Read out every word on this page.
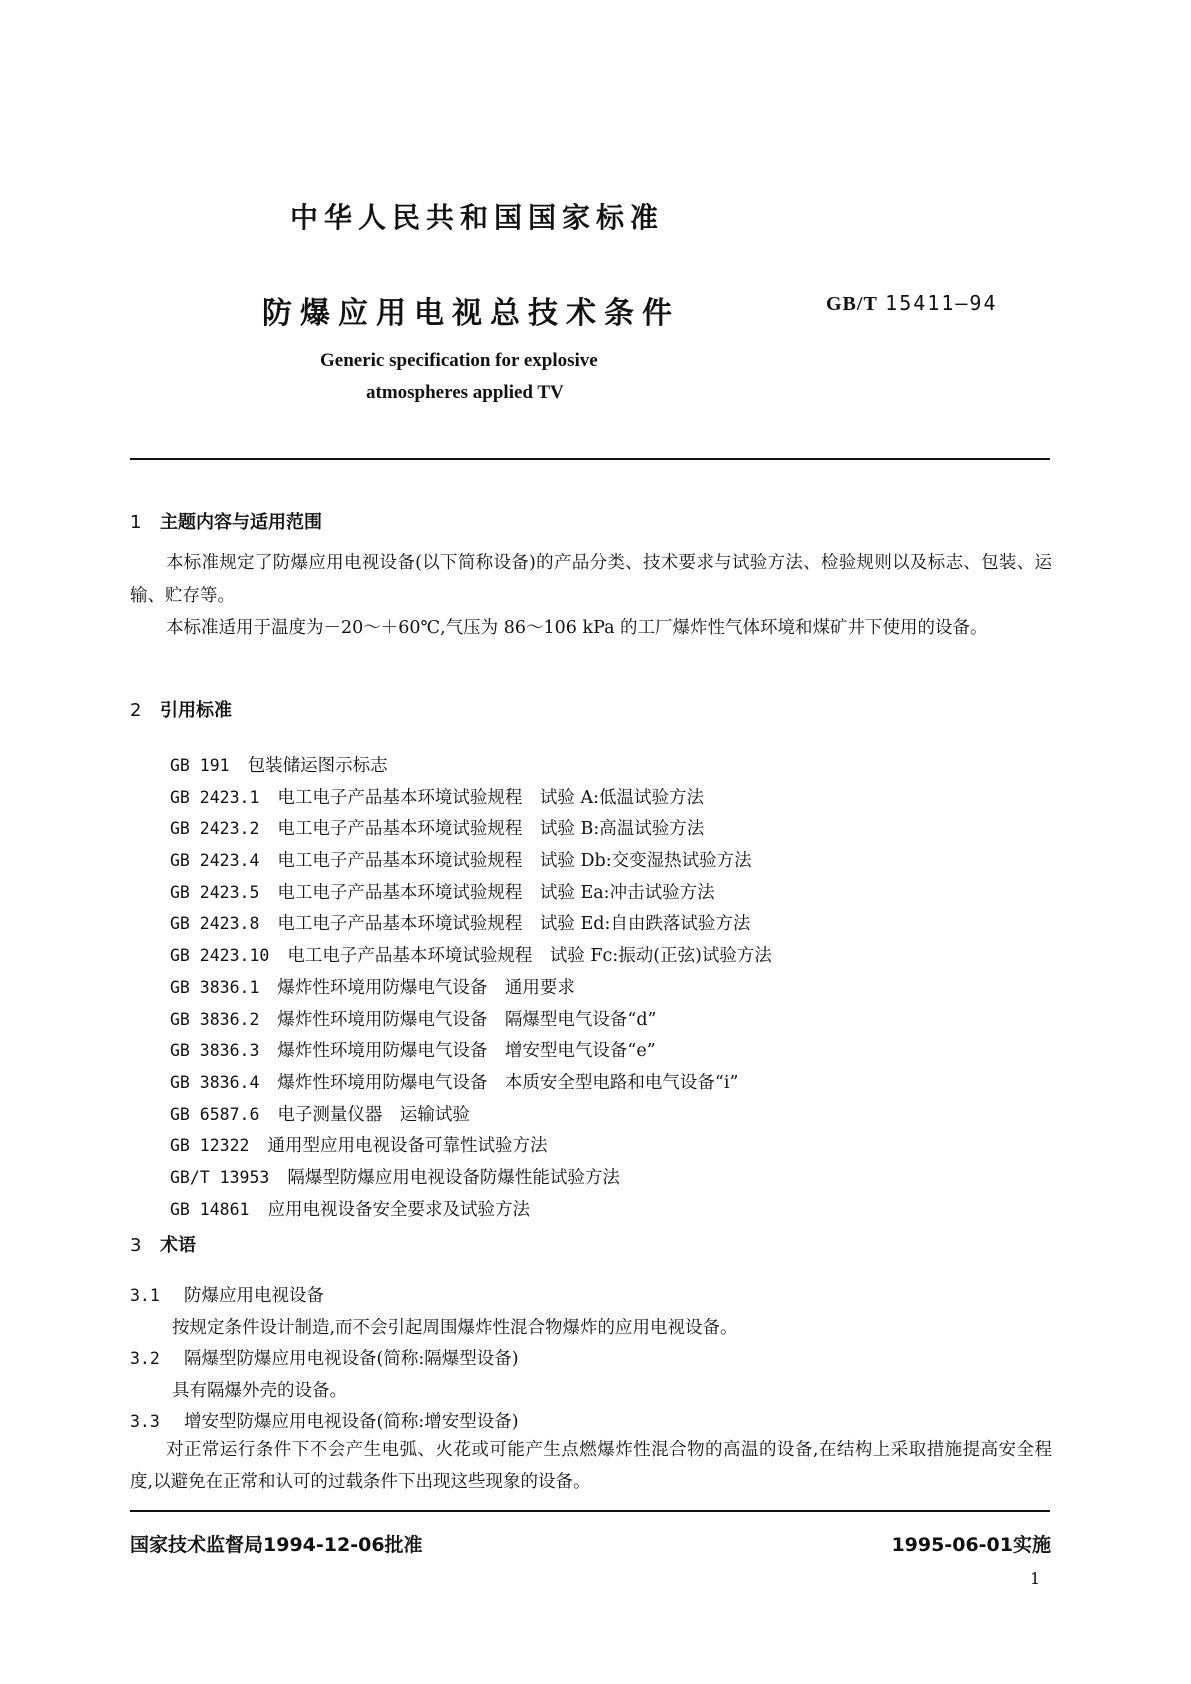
中华人民共和国国家标准
防爆应用电视总技术条件	GB/T 15411—94
Generic specification for explosive
atmospheres applied TV
1 主题内容与适用范围
本标准规定了防爆应用电视设备(以下简称设备)的产品分类、技术要求与试验方法、检验规则以及标志、包装、运输、贮存等。
本标准适用于温度为－20～＋60℃,气压为 86～106 kPa 的工厂爆炸性气体环境和煤矿井下使用的设备。
2 引用标准
GB 191 包装储运图示标志
GB 2423.1 电工电子产品基本环境试验规程　试验 A:低温试验方法
GB 2423.2 电工电子产品基本环境试验规程　试验 B:高温试验方法
GB 2423.4 电工电子产品基本环境试验规程　试验 Db:交变湿热试验方法
GB 2423.5 电工电子产品基本环境试验规程　试验 Ea:冲击试验方法
GB 2423.8 电工电子产品基本环境试验规程　试验 Ed:自由跌落试验方法
GB 2423.10 电工电子产品基本环境试验规程　试验 Fc:振动(正弦)试验方法
GB 3836.1 爆炸性环境用防爆电气设备　通用要求
GB 3836.2 爆炸性环境用防爆电气设备　隔爆型电气设备“d”
GB 3836.3 爆炸性环境用防爆电气设备　增安型电气设备“e”
GB 3836.4 爆炸性环境用防爆电气设备　本质安全型电路和电气设备“i”
GB 6587.6 电子测量仪器　运输试验
GB 12322 通用型应用电视设备可靠性试验方法
GB/T 13953 隔爆型防爆应用电视设备防爆性能试验方法
GB 14861 应用电视设备安全要求及试验方法
3 术语
3.1 防爆应用电视设备
按规定条件设计制造,而不会引起周围爆炸性混合物爆炸的应用电视设备。
3.2 隔爆型防爆应用电视设备(简称:隔爆型设备)
具有隔爆外壳的设备。
3.3 增安型防爆应用电视设备(简称:增安型设备)
对正常运行条件下不会产生电弧、火花或可能产生点燃爆炸性混合物的高温的设备,在结构上采取措施提高安全程度,以避免在正常和认可的过载条件下出现这些现象的设备。
国家技术监督局1994-12-06批准	1995-06-01实施
1
